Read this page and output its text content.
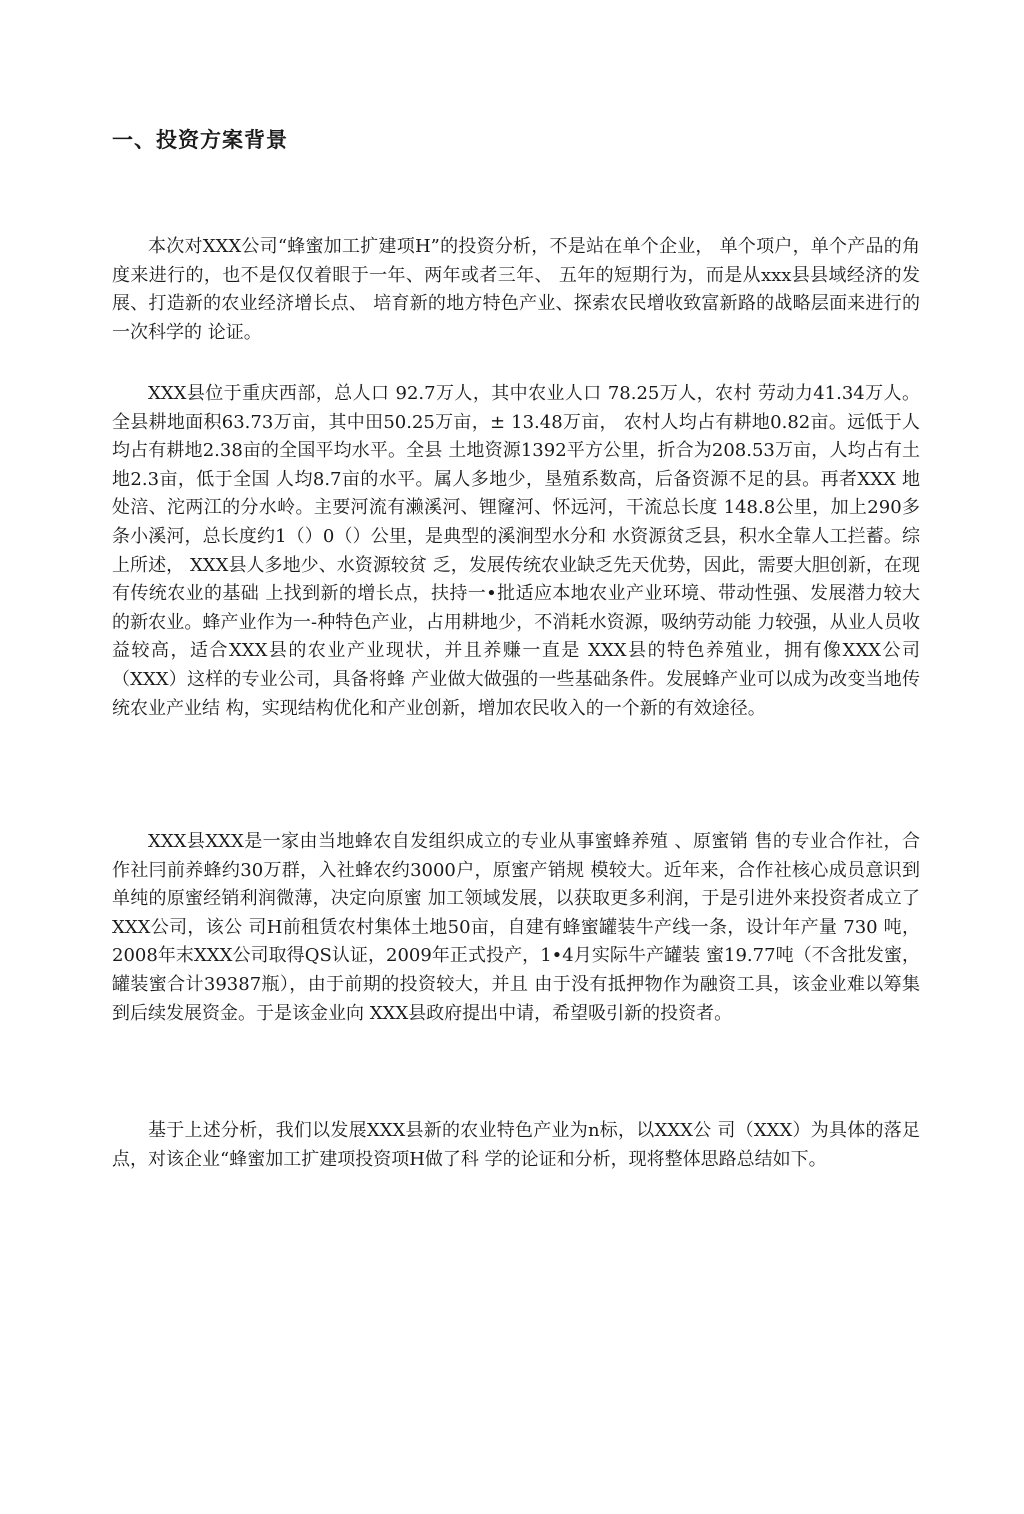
一、投资方案背景

本次对XXX公司“蜂蜜加工扩建项H”的投资分析，不是站在单个企业， 单个项户，单个产品的角度来进行的，也不是仅仅着眼于一年、两年或者三年、 五年的短期行为，而是从xxx县县域经济的发展、打造新的农业经济增长点、 培育新的地方特色产业、探索农民增收致富新路的战略层面来进行的一次科学的 论证。

XXX县位于重庆西部，总人口 92.7万人，其中农业人口 78.25万人，农村 劳动力41.34万人。全县耕地面积63.73万亩，其中田50.25万亩，± 13.48万亩， 农村人均占有耕地0.82亩。远低于人均占有耕地2.38亩的全国平均水平。全县 土地资源1392平方公里，折合为208.53万亩，人均占有土地2.3亩，低于全国 人均8.7亩的水平。属人多地少，垦殖系数高，后备资源不足的县。再者XXX 地处涪、沱两江的分水岭。主要河流有濑溪河、锂窿河、怀远河，干流总长度 148.8公里，加上290多条小溪河，总长度约1（）0（）公里，是典型的溪涧型水分和 水资源贫乏县，积水全靠人工拦蓄。综上所述， XXX县人多地少、水资源较贫 乏，发展传统农业缺乏先天优势，因此，需要大胆创新，在现有传统农业的基础 上找到新的增长点，扶持一•批适应本地农业产业环境、带动性强、发展潜力较大 的新农业。蜂产业作为一-种特色产业，占用耕地少，不消耗水资源，吸纳劳动能 力较强，从业人员收益较高，适合XXX县的农业产业现状，并且养赚一直是 XXX县的特色养殖业，拥有像XXX公司（XXX）这样的专业公司，具备将蜂 产业做大做强的一些基础条件。发展蜂产业可以成为改变当地传统农业产业结 构，实现结构优化和产业创新，增加农民收入的一个新的有效途径。

XXX县XXX是一家由当地蜂农自发组织成立的专业从事蜜蜂养殖 、原蜜销 售的专业合作社，合作社冃前养蜂约30万群，入社蜂农约3000户，原蜜产销规 模较大。近年来，合作社核心成员意识到单纯的原蜜经销利润微薄，决定向原蜜 加工领域发展，以获取更多利润，于是引进外来投资者成立了 XXX公司，该公 司H前租赁农村集体土地50亩，自建有蜂蜜罐装牛产线一条，设计年产量 730 吨，2008年末XXX公司取得QS认证，2009年正式投产，1•4月实际牛产罐装 蜜19.77吨（不含批发蜜，罐装蜜合计39387瓶），由于前期的投资较大，并且 由于没有抵押物作为融资工具，该金业难以筹集到后续发展资金。于是该金业向 XXX县政府提出中请，希望吸引新的投资者。

基于上述分析，我们以发展XXX县新的农业特色产业为n标，以XXX公 司（XXX）为具体的落足点，对该企业“蜂蜜加工扩建项投资项H做了科 学的论证和分析，现将整体思路总结如下。
